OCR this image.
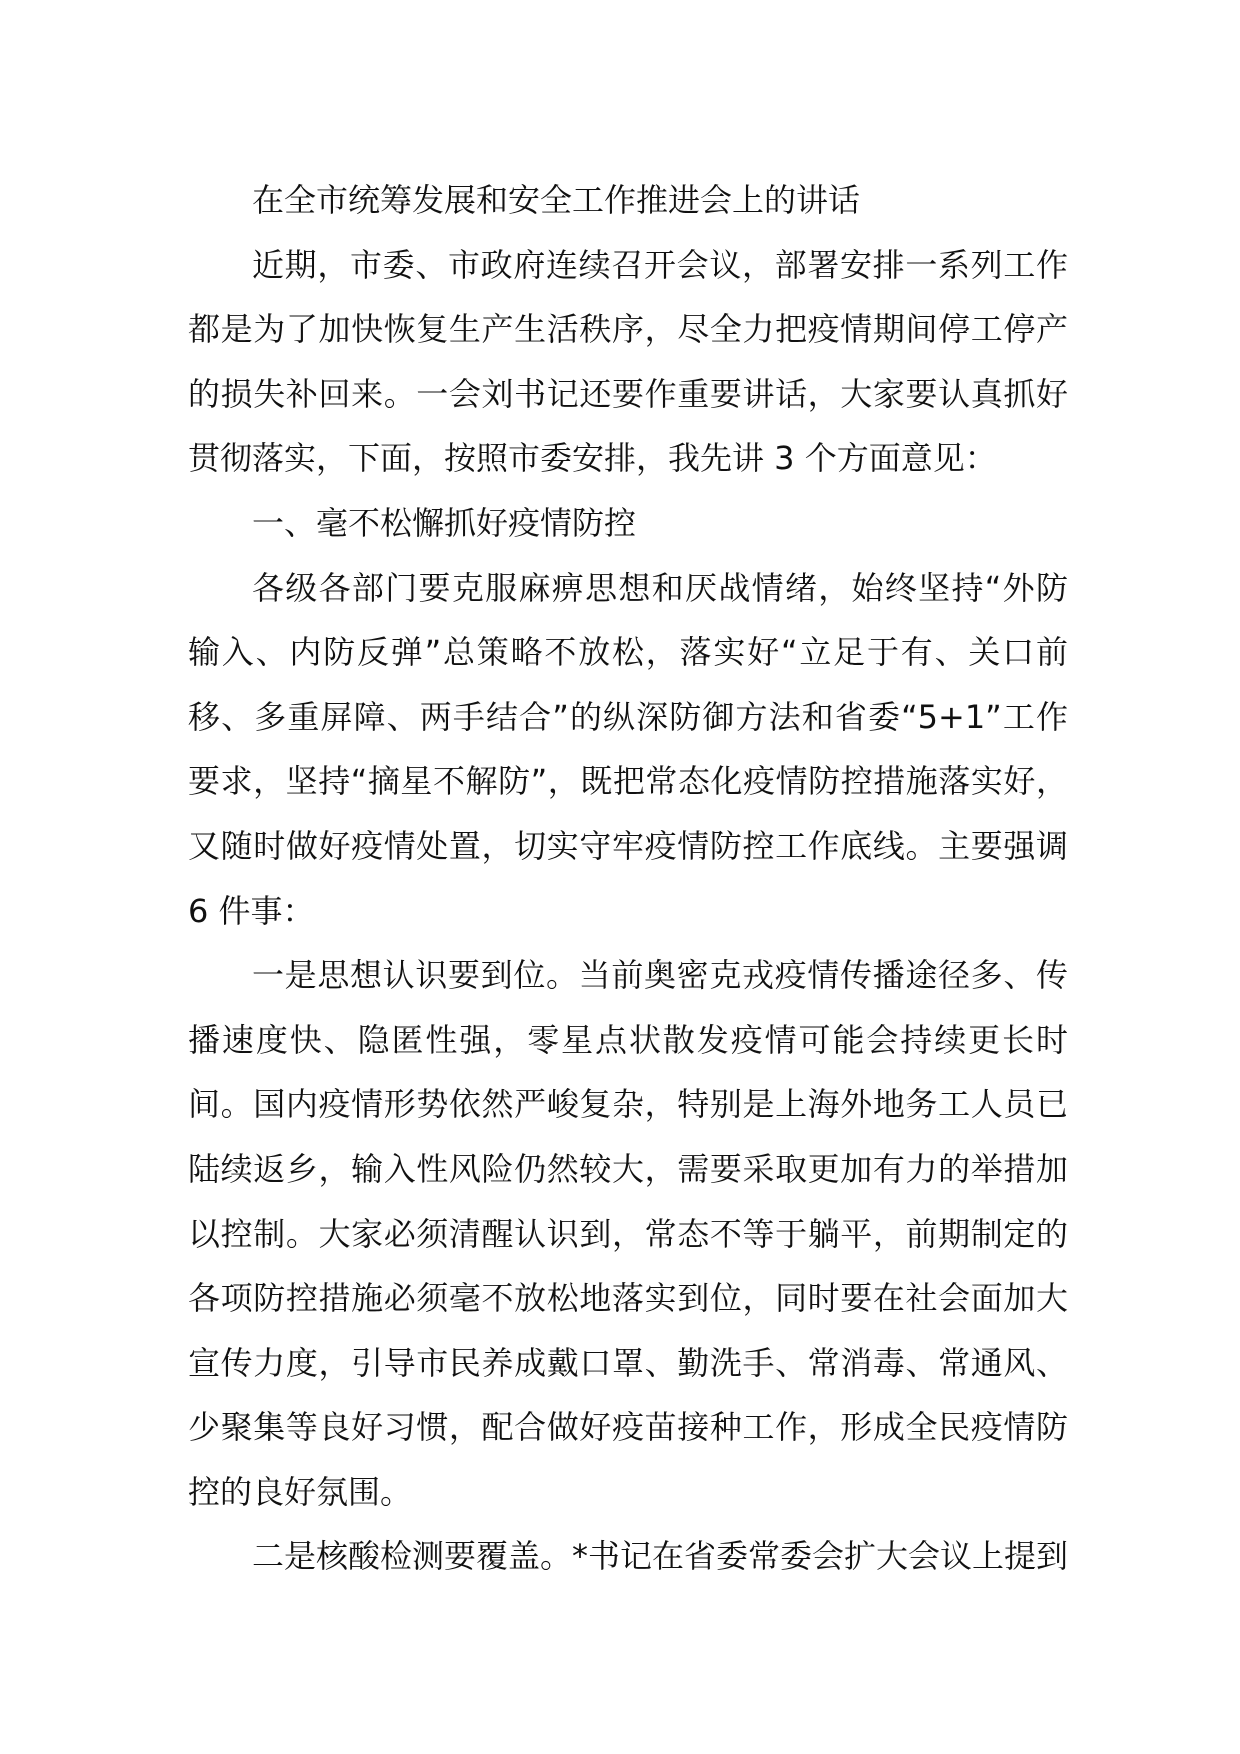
在全市统筹发展和安全工作推进会上的讲话

近期，市委、市政府连续召开会议，部署安排一系列工作都是为了加快恢复生产生活秩序，尽全力把疫情期间停工停产的损失补回来。一会刘书记还要作重要讲话，大家要认真抓好贯彻落实，下面，按照市委安排，我先讲 3 个方面意见：

一、毫不松懈抓好疫情防控

各级各部门要克服麻痹思想和厌战情绪，始终坚持“外防输入、内防反弹”总策略不放松，落实好“立足于有、关口前移、多重屏障、两手结合”的纵深防御方法和省委“5+1”工作要求，坚持“摘星不解防”，既把常态化疫情防控措施落实好，又随时做好疫情处置，切实守牢疫情防控工作底线。主要强调 6 件事：

一是思想认识要到位。当前奥密克戎疫情传播途径多、传播速度快、隐匿性强，零星点状散发疫情可能会持续更长时间。国内疫情形势依然严峻复杂，特别是上海外地务工人员已陆续返乡，输入性风险仍然较大，需要采取更加有力的举措加以控制。大家必须清醒认识到，常态不等于躺平，前期制定的各项防控措施必须毫不放松地落实到位，同时要在社会面加大宣传力度，引导市民养成戴口罩、勤洗手、常消毒、常通风、少聚集等良好习惯，配合做好疫苗接种工作，形成全民疫情防控的良好氛围。

二是核酸检测要覆盖。*书记在省委常委会扩大会议上提到
